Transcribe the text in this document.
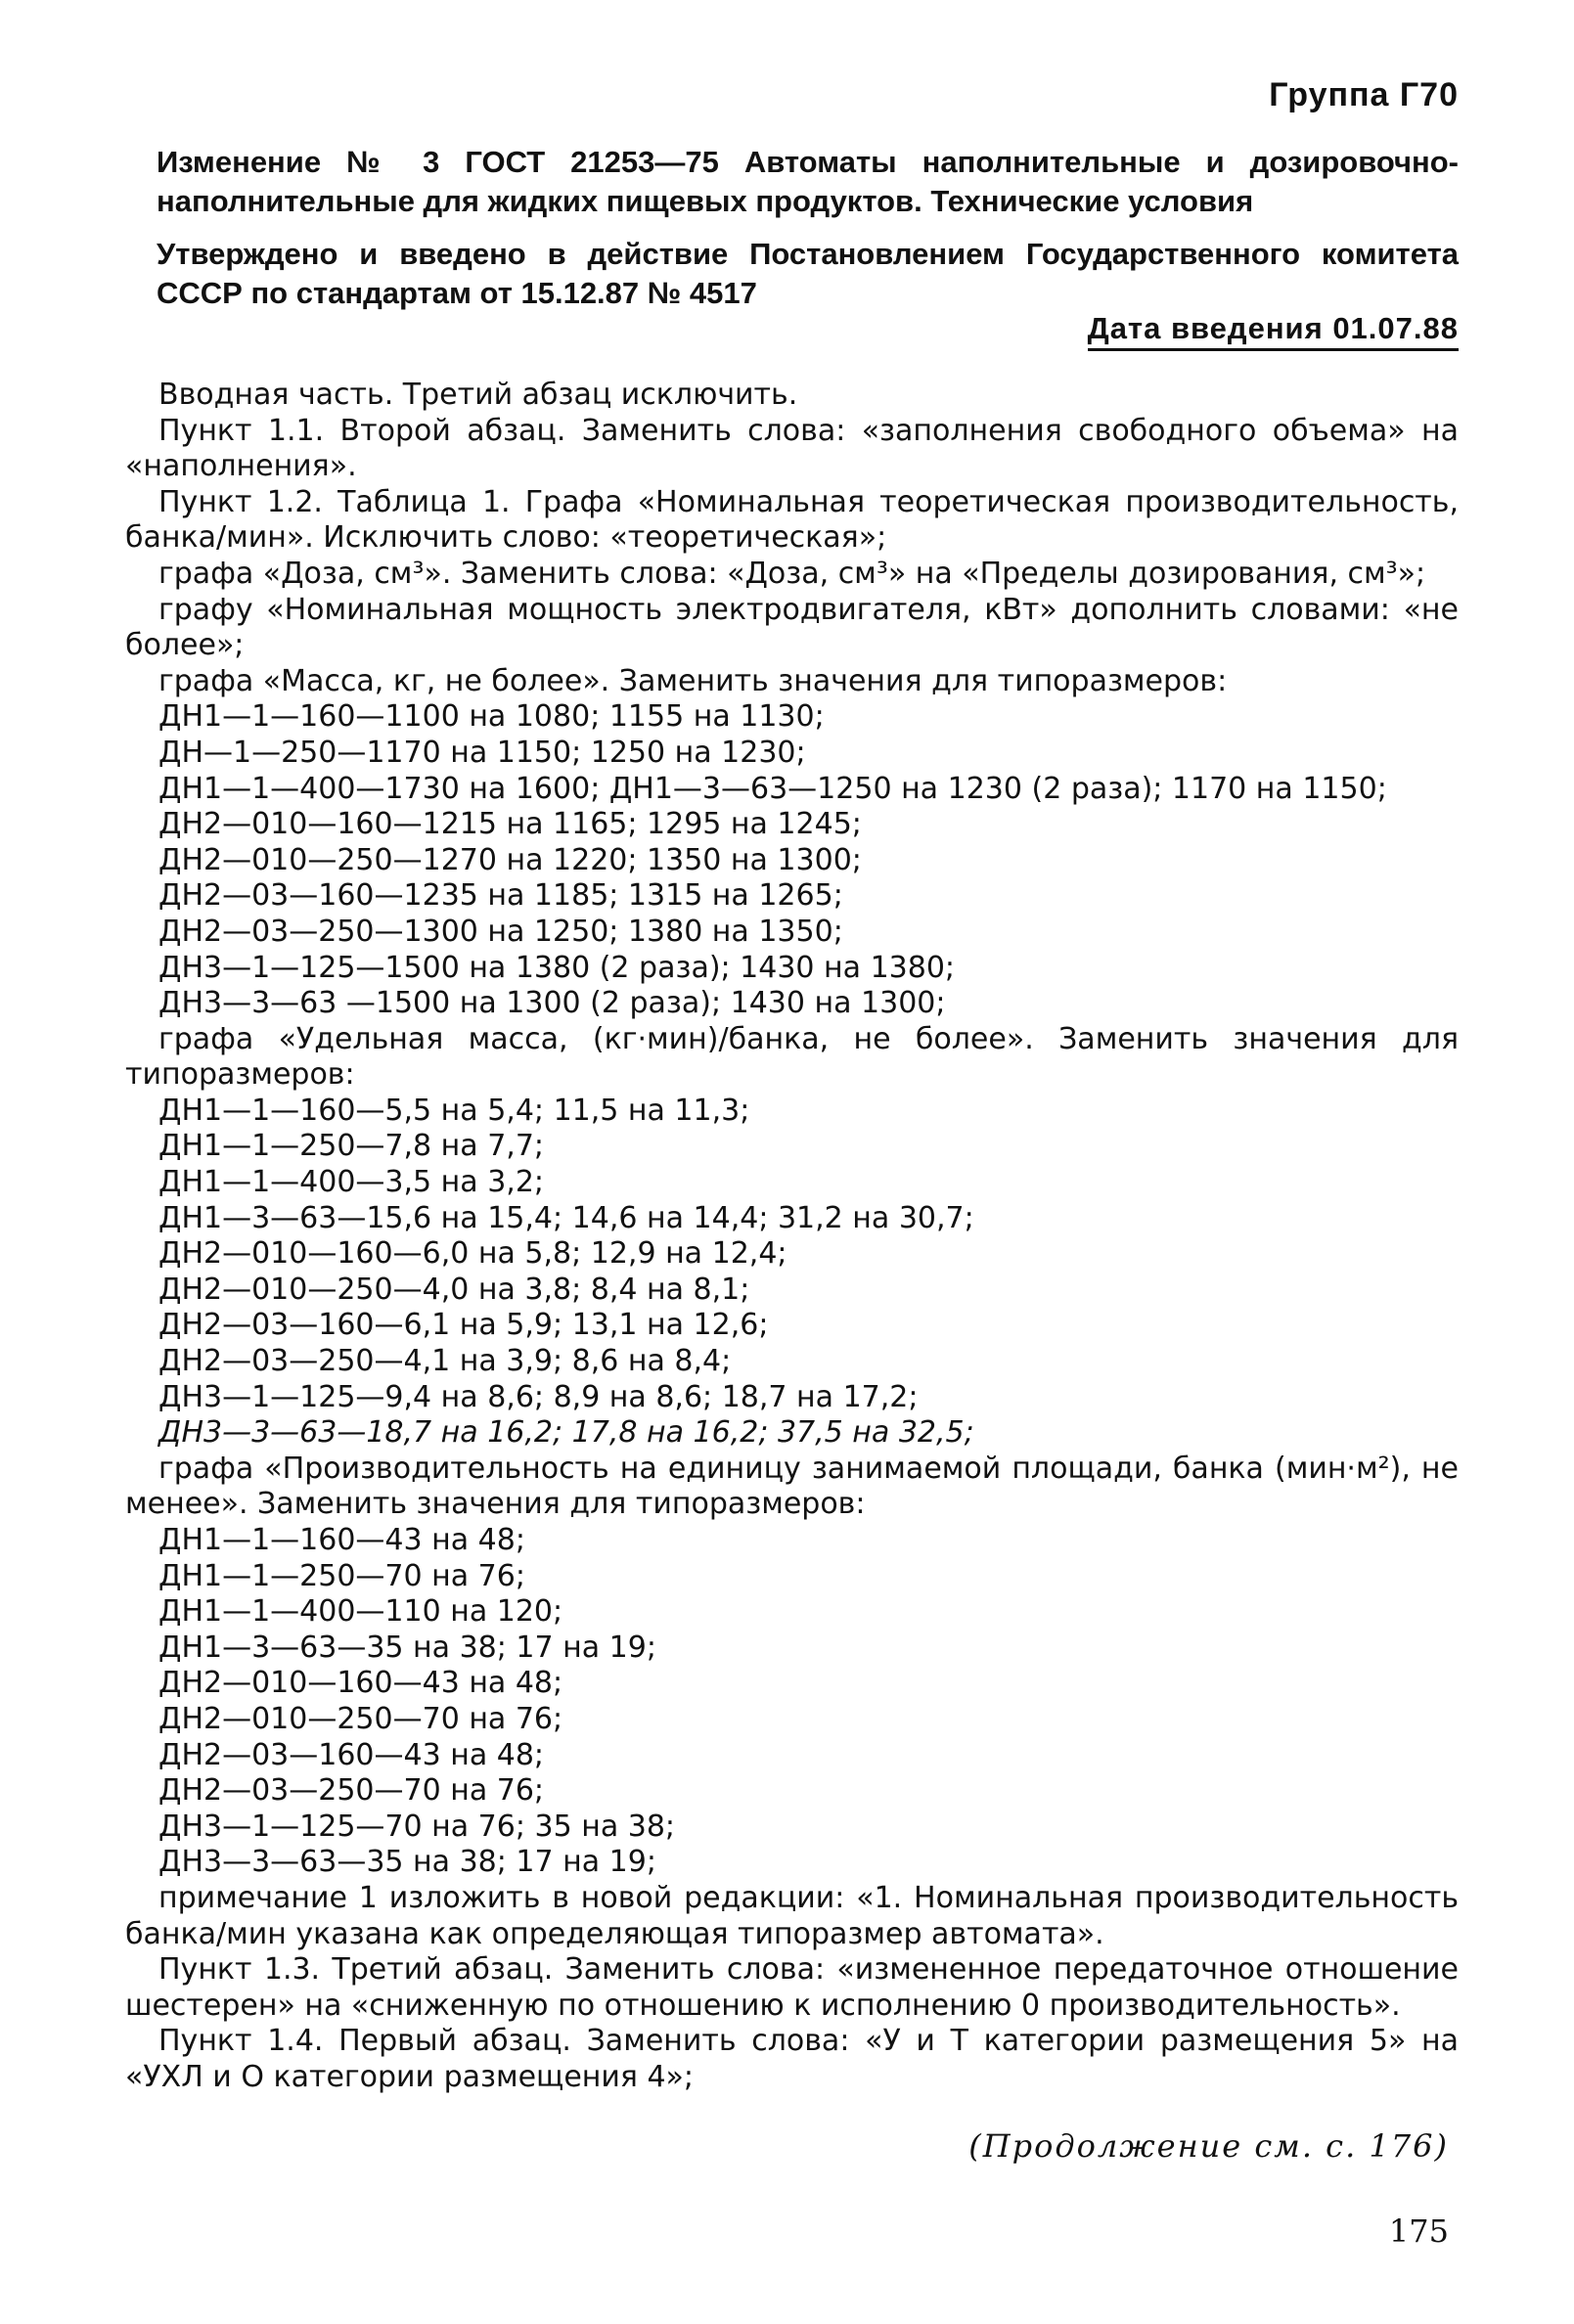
Группа Г70

Изменение № 3 ГОСТ 21253—75 Автоматы наполнительные и дозировочно-наполнительные для жидких пищевых продуктов. Технические условия

Утверждено и введено в действие Постановлением Государственного комитета СССР по стандартам от 15.12.87 № 4517

Дата введения 01.07.88

Вводная часть. Третий абзац исключить.

Пункт 1.1. Второй абзац. Заменить слова: «заполнения свободного объема» на «наполнения».

Пункт 1.2. Таблица 1. Графа «Номинальная теоретическая производительность, банка/мин». Исключить слово: «теоретическая»;

графа «Доза, см³». Заменить слова: «Доза, см³» на «Пределы дозирования, см³»;

графу «Номинальная мощность электродвигателя, кВт» дополнить словами: «не более»;

графа «Масса, кг, не более». Заменить значения для типоразмеров:

ДН1—1—160—1100 на 1080; 1155 на 1130;

ДН—1—250—1170 на 1150; 1250 на 1230;

ДН1—1—400—1730 на 1600; ДН1—3—63—1250 на 1230 (2 раза); 1170 на 1150;

ДН2—010—160—1215 на 1165; 1295 на 1245;

ДН2—010—250—1270 на 1220; 1350 на 1300;

ДН2—03—160—1235 на 1185; 1315 на 1265;

ДН2—03—250—1300 на 1250; 1380 на 1350;

ДН3—1—125—1500 на 1380 (2 раза); 1430 на 1380;

ДН3—3—63 —1500 на 1300 (2 раза); 1430 на 1300;

графа «Удельная масса, (кг·мин)/банка, не более». Заменить значения для типоразмеров:

ДН1—1—160—5,5 на 5,4; 11,5 на 11,3;

ДН1—1—250—7,8 на 7,7;

ДН1—1—400—3,5 на 3,2;

ДН1—3—63—15,6 на 15,4; 14,6 на 14,4; 31,2 на 30,7;

ДН2—010—160—6,0 на 5,8; 12,9 на 12,4;

ДН2—010—250—4,0 на 3,8; 8,4 на 8,1;

ДН2—03—160—6,1 на 5,9; 13,1 на 12,6;

ДН2—03—250—4,1 на 3,9; 8,6 на 8,4;

ДН3—1—125—9,4 на 8,6; 8,9 на 8,6; 18,7 на 17,2;

ДН3—3—63—18,7 на 16,2; 17,8 на 16,2; 37,5 на 32,5;

графа «Производительность на единицу занимаемой площади, банка (мин·м²), не менее». Заменить значения для типоразмеров:

ДН1—1—160—43 на 48;

ДН1—1—250—70 на 76;

ДН1—1—400—110 на 120;

ДН1—3—63—35 на 38; 17 на 19;

ДН2—010—160—43 на 48;

ДН2—010—250—70 на 76;

ДН2—03—160—43 на 48;

ДН2—03—250—70 на 76;

ДН3—1—125—70 на 76; 35 на 38;

ДН3—3—63—35 на 38; 17 на 19;

примечание 1 изложить в новой редакции: «1. Номинальная производительность банка/мин указана как определяющая типоразмер автомата».

Пункт 1.3. Третий абзац. Заменить слова: «измененное передаточное отношение шестерен» на «сниженную по отношению к исполнению 0 производительность».

Пункт 1.4. Первый абзац. Заменить слова: «У и Т категории размещения 5» на «УХЛ и О категории размещения 4»;

(Продолжение см. с. 176)
175
